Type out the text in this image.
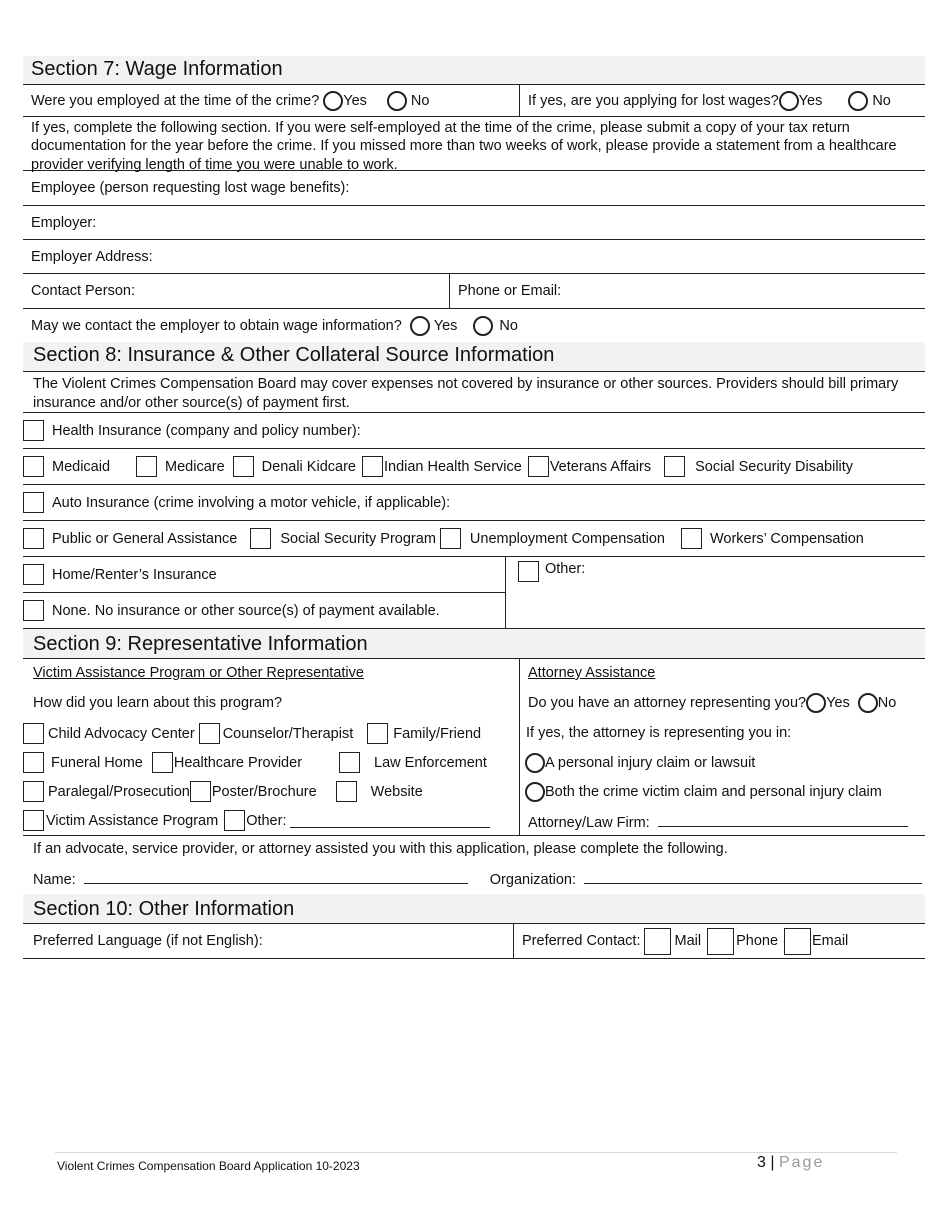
Section 7: Wage Information
Were you employed at the time of the crime? Yes	No	If yes, are you applying for lost wages? Yes	No
If yes, complete the following section. If you were self-employed at the time of the crime, please submit a copy of your tax return documentation for the year before the crime. If you missed more than two weeks of work, please provide a statement from a healthcare provider verifying length of time you were unable to work.
Employee (person requesting lost wage benefits):
Employer:
Employer Address:
Contact Person:	Phone or Email:
May we contact the employer to obtain wage information? Yes	No
Section 8: Insurance & Other Collateral Source Information
The Violent Crimes Compensation Board may cover expenses not covered by insurance or other sources. Providers should bill primary insurance and/or other source(s) of payment first.
Health Insurance (company and policy number):
Medicaid	Medicare	Denali Kidcare Indian Health Service Veterans Affairs	Social Security Disability
Auto Insurance (crime involving a motor vehicle, if applicable):
Public or General Assistance	Social Security Program Unemployment Compensation	Workers’ Compensation
Home/Renter’s Insurance
None. No insurance or other source(s) of payment available.
Other:
Section 9: Representative Information
Victim Assistance Program or Other Representative
How did you learn about this program?
Child Advocacy Center Counselor/Therapist	Family/Friend
Funeral Home Healthcare Provider	Law Enforcement
Paralegal/Prosecution Poster/Brochure	Website
Victim Assistance Program Other:
Attorney Assistance
Do you have an attorney representing you? Yes No
If yes, the attorney is representing you in:
A personal injury claim or lawsuit
Both the crime victim claim and personal injury claim
Attorney/Law Firm:
If an advocate, service provider, or attorney assisted you with this application, please complete the following.
Name:	Organization:
Section 10: Other Information
Preferred Language (if not English):	Preferred Contact: Mail Phone Email
Violent Crimes Compensation Board Application 10-2023	3 | Page
